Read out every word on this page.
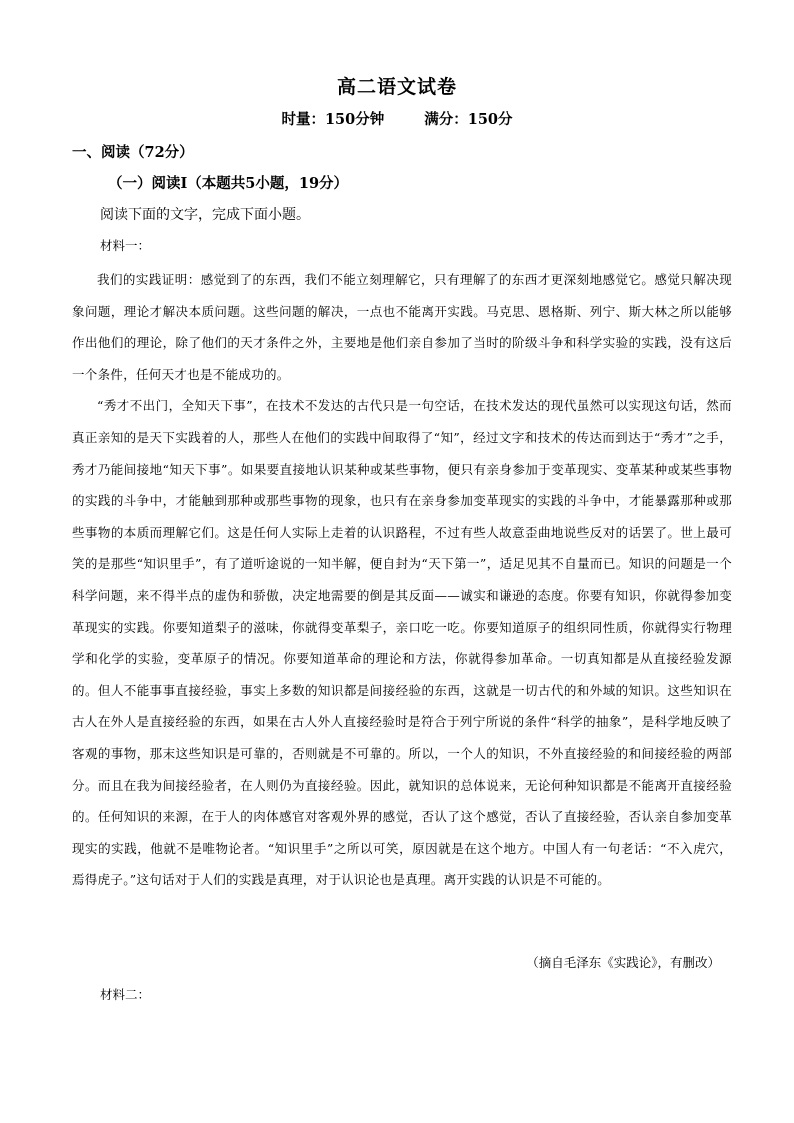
高二语文试卷
时量：150分钟	满分：150分
一、阅读（72分）
（一）阅读Ⅰ（本题共5小题，19分）
阅读下面的文字，完成下面小题。
材料一：

我们的实践证明：感觉到了的东西，我们不能立刻理解它，只有理解了的东西才更深刻地感觉它。感觉只解决现象问题，理论才解决本质问题。这些问题的解决，一点也不能离开实践。马克思、恩格斯、列宁、斯大林之所以能够作出他们的理论，除了他们的天才条件之外，主要地是他们亲自参加了当时的阶级斗争和科学实验的实践，没有这后一个条件，任何天才也是不能成功的。

“秀才不出门，全知天下事”，在技术不发达的古代只是一句空话，在技术发达的现代虽然可以实现这句话，然而真正亲知的是天下实践着的人，那些人在他们的实践中间取得了“知”，经过文字和技术的传达而到达于“秀才”之手，秀才乃能间接地“知天下事”。如果要直接地认识某种或某些事物，便只有亲身参加于变革现实、变革某种或某些事物的实践的斗争中，才能触到那种或那些事物的现象，也只有在亲身参加变革现实的实践的斗争中，才能暴露那种或那些事物的本质而理解它们。这是任何人实际上走着的认识路程，不过有些人故意歪曲地说些反对的话罢了。世上最可笑的是那些“知识里手”，有了道听途说的一知半解，便自封为“天下第一”，适足见其不自量而已。知识的问题是一个科学问题，来不得半点的虚伪和骄傲，决定地需要的倒是其反面——诚实和谦逊的态度。你要有知识，你就得参加变革现实的实践。你要知道梨子的滋味，你就得变革梨子，亲口吃一吃。你要知道原子的组织同性质，你就得实行物理学和化学的实验，变革原子的情况。你要知道革命的理论和方法，你就得参加革命。一切真知都是从直接经验发源的。但人不能事事直接经验，事实上多数的知识都是间接经验的东西，这就是一切古代的和外域的知识。这些知识在古人在外人是直接经验的东西，如果在古人外人直接经验时是符合于列宁所说的条件“科学的抽象”，是科学地反映了客观的事物，那末这些知识是可靠的，否则就是不可靠的。所以，一个人的知识，不外直接经验的和间接经验的两部分。而且在我为间接经验者，在人则仍为直接经验。因此，就知识的总体说来，无论何种知识都是不能离开直接经验的。任何知识的来源，在于人的肉体感官对客观外界的感觉，否认了这个感觉，否认了直接经验，否认亲自参加变革现实的实践，他就不是唯物论者。“知识里手”之所以可笑，原因就是在这个地方。中国人有一句老话：“不入虎穴，焉得虎子。”这句话对于人们的实践是真理，对于认识论也是真理。离开实践的认识是不可能的。

（摘自毛泽东《实践论》，有删改）
材料二：
